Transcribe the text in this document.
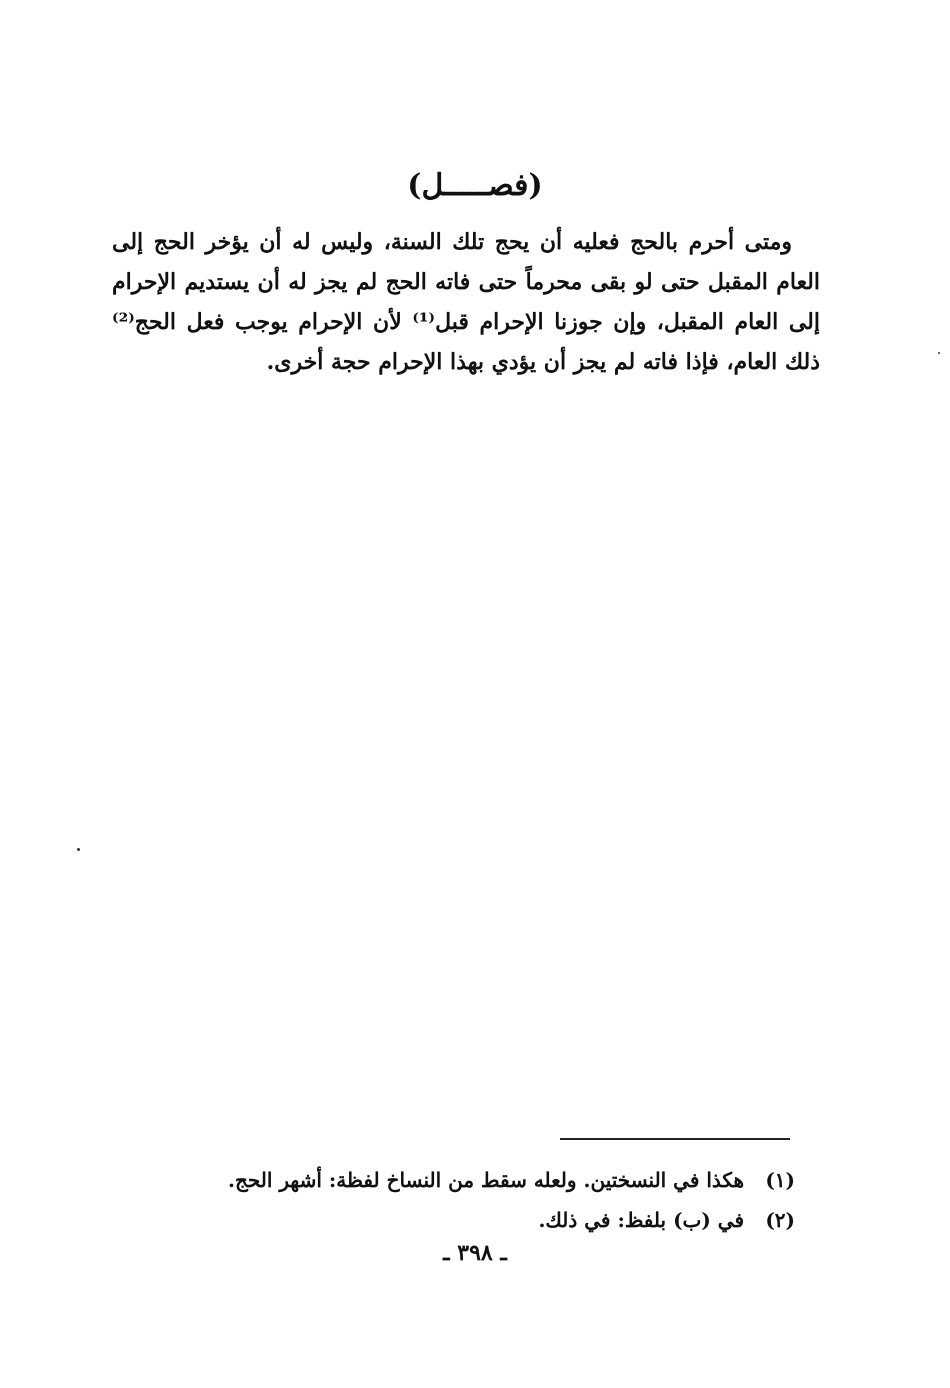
(فصـــــل)
ومتى أحرم بالحج فعليه أن يحج تلك السنة، وليس له أن يؤخر الحج إلى
العام المقبل حتى لو بقى محرماً حتى فاته الحج لم يجز له أن يستديم الإحرام
إلى العام المقبل، وإن جوزنا الإحرام قبل⁽¹⁾ لأن الإحرام يوجب فعل الحج⁽²⁾
ذلك العام، فإذا فاته لم يجز أن يؤدي بهذا الإحرام حجة أخرى.
(١) هكذا في النسختين. ولعله سقط من النساخ لفظة: أشهر الحج.
(٢) في (ب) بلفظ: في ذلك.
ـ ٣٩٨ ـ
